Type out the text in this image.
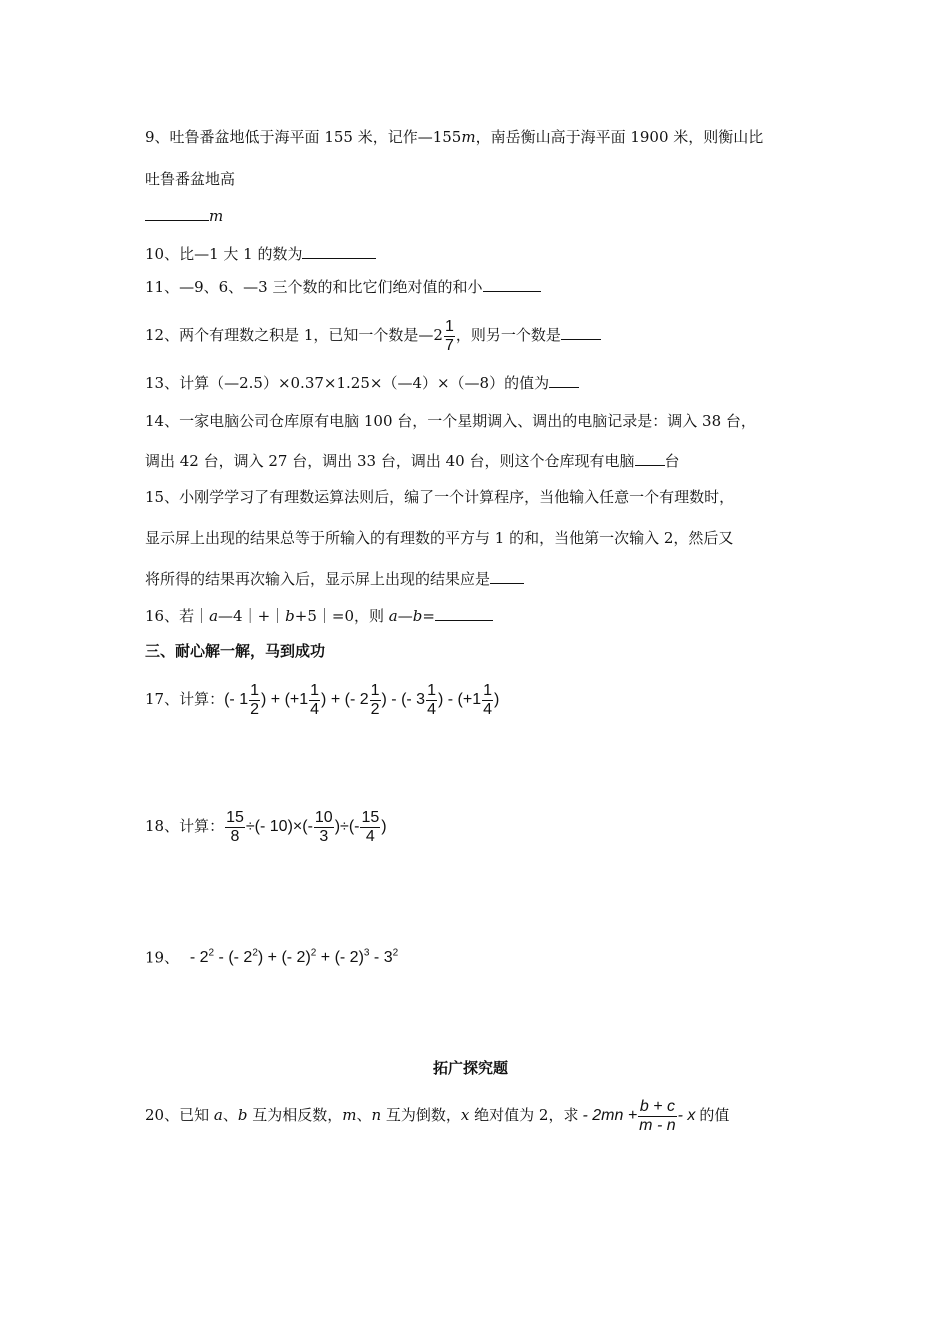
9、吐鲁番盆地低于海平面 155 米，记作—155m，南岳衡山高于海平面 1900 米，则衡山比
吐鲁番盆地高
m
10、比—1 大 1 的数为
11、—9、6、—3 三个数的和比它们绝对值的和小
12、两个有理数之积是 1，已知一个数是—2 $\frac{1}{7}$ ，则另一个数是
13、计算（—2.5）×0.37×1.25×（—4）×（—8）的值为
14、一家电脑公司仓库原有电脑 100 台，一个星期调入、调出的电脑记录是：调入 38 台，
调出 42 台，调入 27 台，调出 33 台，调出 40 台，则这个仓库现有电脑 台
15、小刚学学习了有理数运算法则后，编了一个计算程序，当他输入任意一个有理数时，
显示屏上出现的结果总等于所输入的有理数的平方与 1 的和，当他第一次输入 2，然后又
将所得的结果再次输入后，显示屏上出现的结果应是
16、若｜a—4｜+｜b+5｜=0，则 a—b=
三、耐心解一解，马到成功
17、计算：(- $1 \frac{1}{2}$ ) + ($+1 \frac{1}{4}$ ) + (- $2 \frac{1}{2}$ ) - (- $3 \frac{1}{4}$ ) - ($+1 \frac{1}{4}$ )
18、计算： $\frac{15}{8}$ ÷(- $10)\times(- \frac{10}{3}$ )÷(- $\frac{15}{4}$ )
19、 - $2^2$ - (- $2^2$) + (- 2)$^2$ + (- $2)^3 - 3^2$
拓广探究题
20、已知 a、b 互为相反数，m、n 互为倒数，x 绝对值为 2，求 - $2mn + \frac{b + c}{m - n} - x$ 的值
